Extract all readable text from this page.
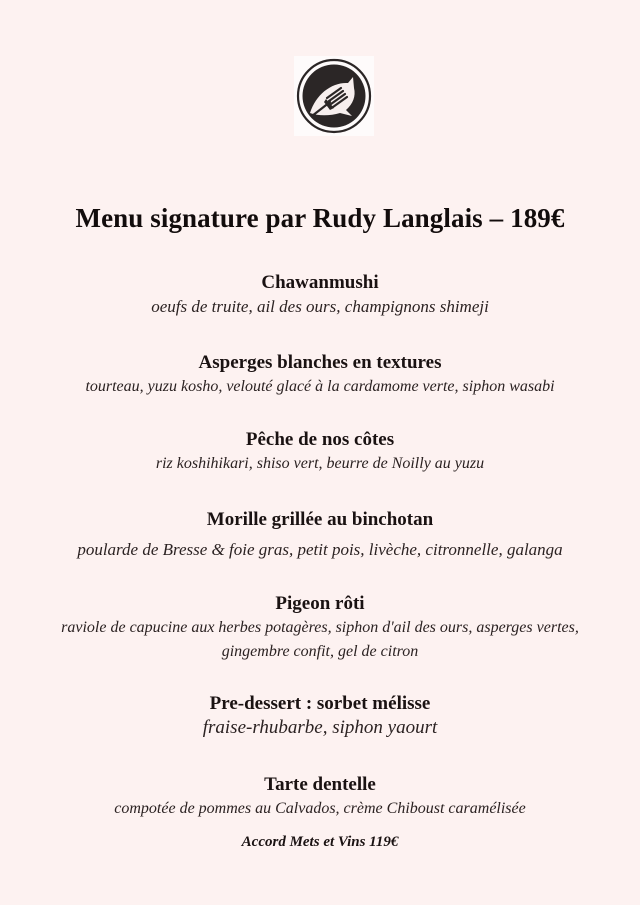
Menu signature par Rudy Langlais – 189€
Chawanmushi
oeufs de truite, ail des ours, champignons shimeji
Asperges blanches en textures
tourteau, yuzu kosho, velouté glacé à la cardamome verte, siphon wasabi
Pêche de nos côtes
riz koshihikari, shiso vert, beurre de Noilly au yuzu
Morille grillée au binchotan
poularde de Bresse & foie gras, petit pois, livèche, citronnelle, galanga
Pigeon rôti
raviole de capucine aux herbes potagères, siphon d'ail des ours, asperges vertes,
gingembre confit, gel de citron
Pre-dessert : sorbet mélisse
fraise-rhubarbe, siphon yaourt
Tarte dentelle
compotée de pommes au Calvados, crème Chiboust caramélisée
Accord Mets et Vins 119€
